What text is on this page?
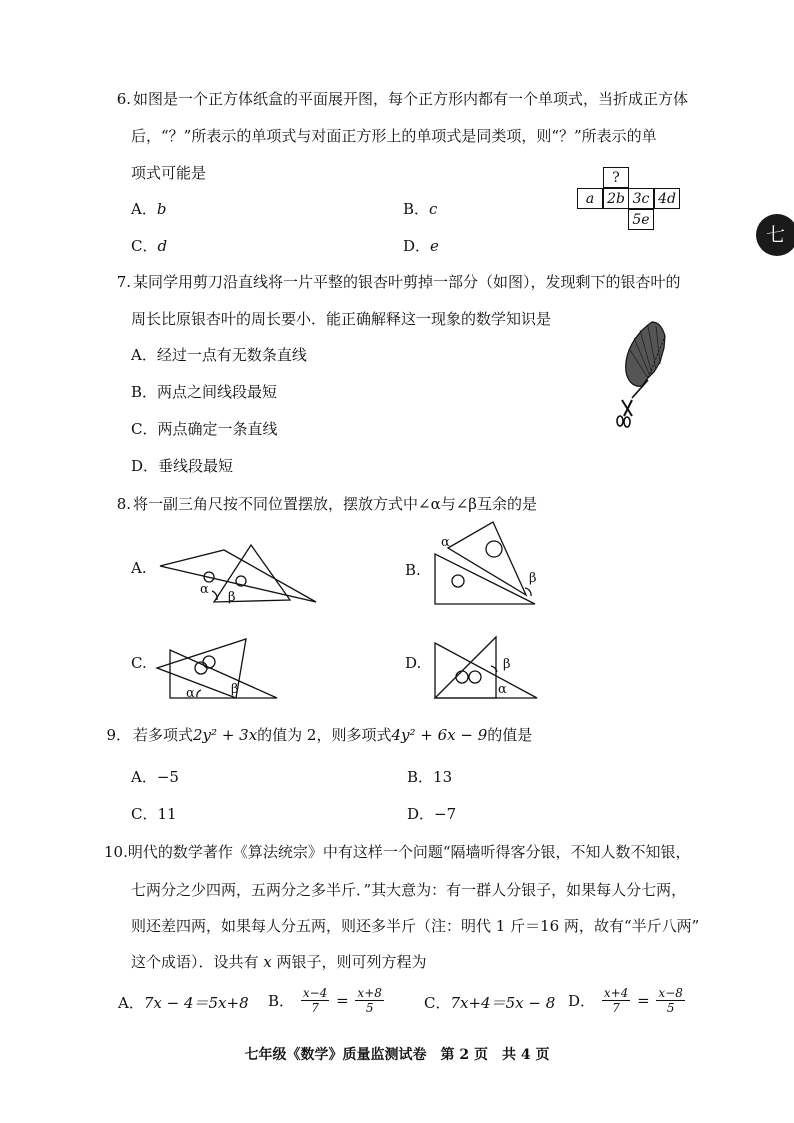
七
6. 如图是一个正方体纸盒的平面展开图，每个正方形内都有一个单项式，当折成正方体
后，“？”所表示的单项式与对面正方形上的单项式是同类项，则“？”所表示的单
项式可能是
A．b	B．c
C．d	D．e
?
a 2b 3c 4d
5e
7. 某同学用剪刀沿直线将一片平整的银杏叶剪掉一部分（如图），发现剩下的银杏叶的
周长比原银杏叶的周长要小．能正确解释这一现象的数学知识是
A．经过一点有无数条直线
B．两点之间线段最短
C．两点确定一条直线
D．垂线段最短
8. 将一副三角尺按不同位置摆放，摆放方式中∠α与∠β互余的是
A.	B.
C.	D.
α
β
α
β
α	β	α
β
9． 若多项式2y² + 3x的值为 2，则多项式4y² + 6x − 9的值是
A．−5	B．13
C．11	D．−7
10.明代的数学著作《算法统宗》中有这样一个问题“隔墙听得客分银，不知人数不知银，
七两分之少四两，五两分之多半斤．”其大意为：有一群人分银子，如果每人分七两，
则还差四两，如果每人分五两，则还多半斤（注：明代 1 斤＝16 两，故有“半斤八两”
这个成语）．设共有 x 两银子，则可列方程为
A．7x − 4＝5x+8 B． $\frac{x-4}{7} = \frac{x+8}{5}$	C．7x+4＝5x − 8 D． $\frac{x+4}{7} = \frac{x-8}{5}$
七年级《数学》质量监测试卷　第 2 页　共 4 页
